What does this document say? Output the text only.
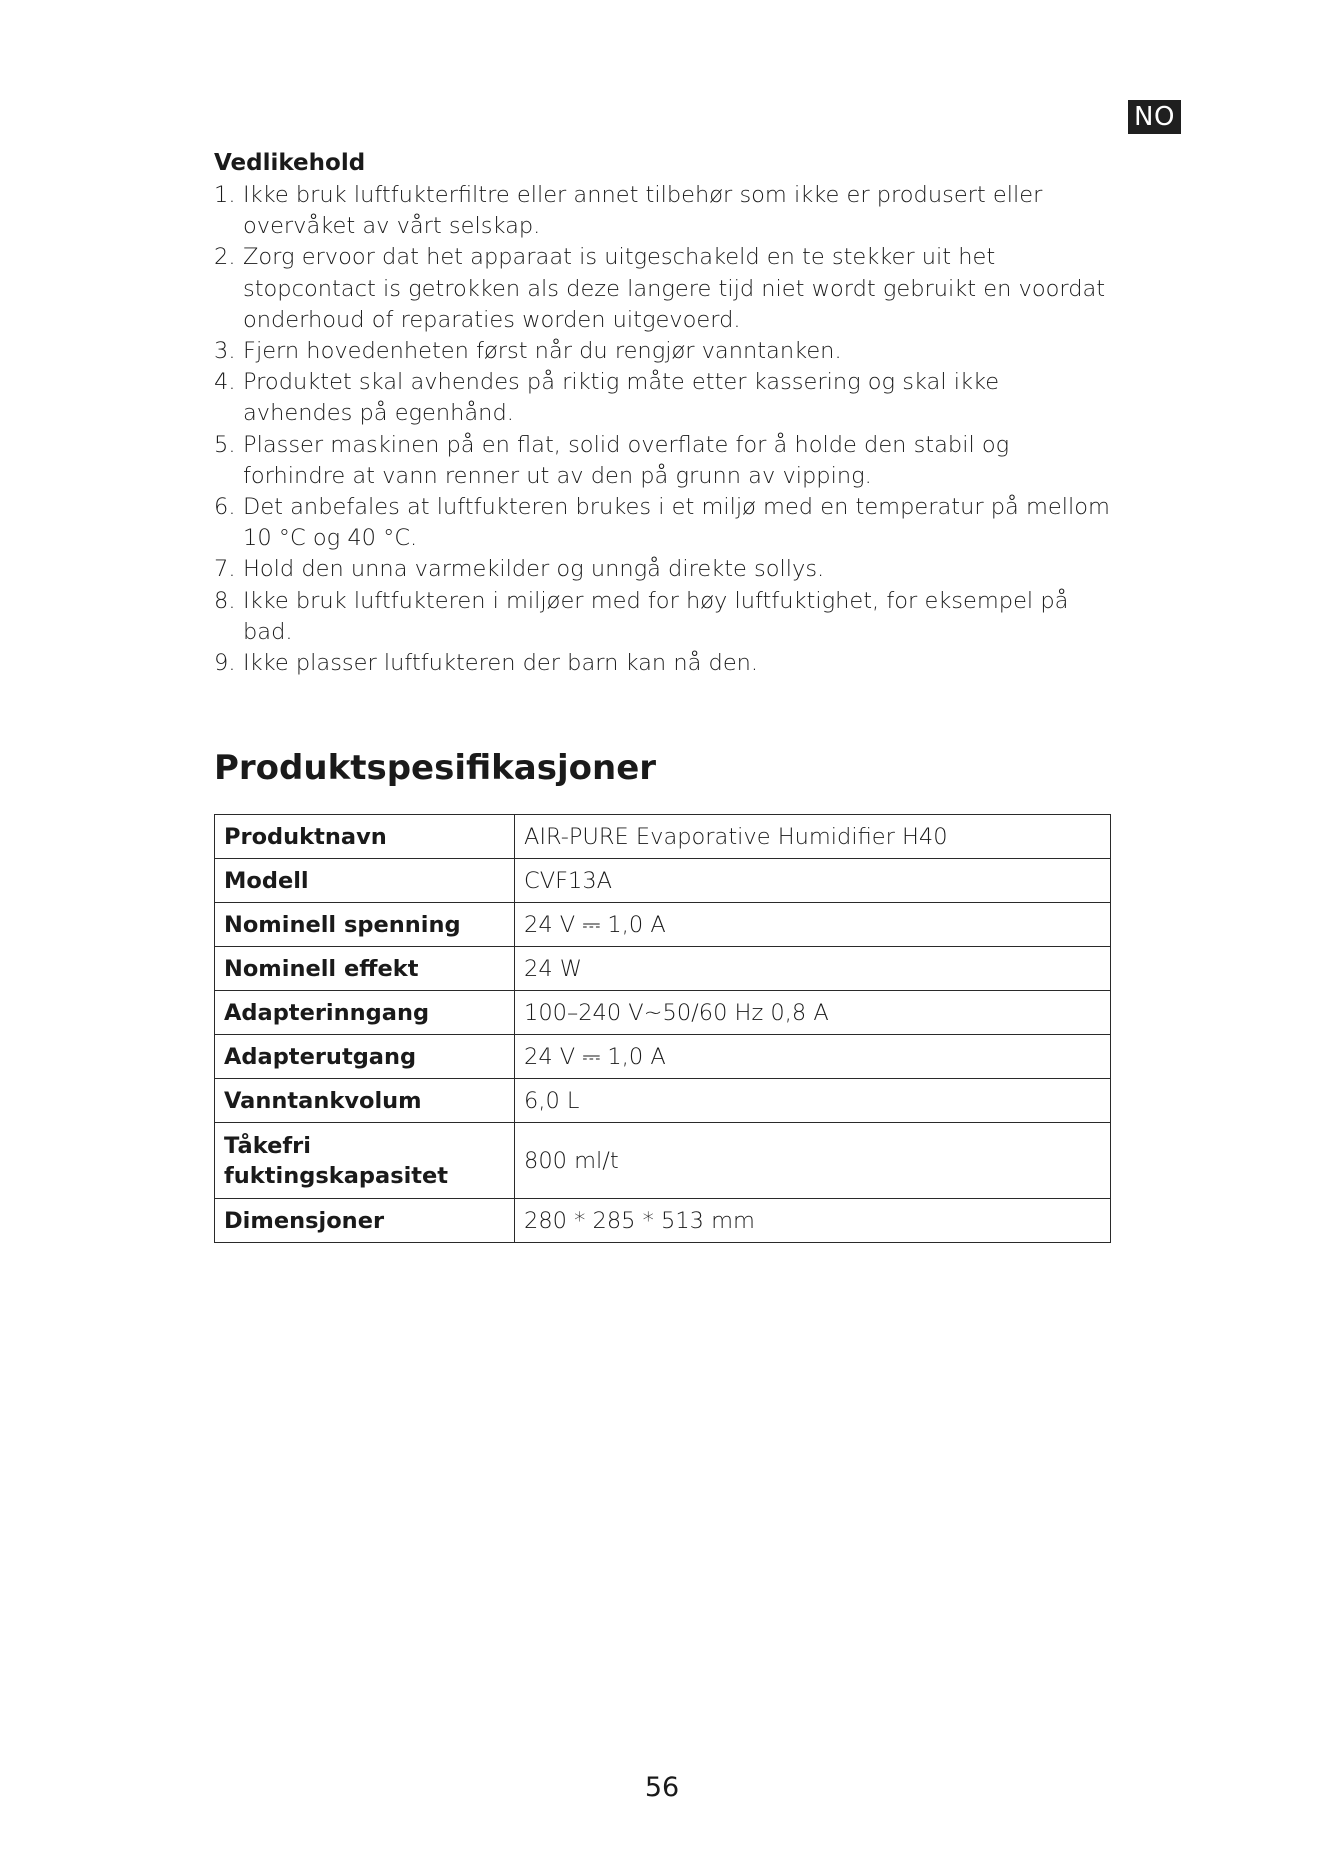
NO
Vedlikehold
1. Ikke bruk luftfukterfiltre eller annet tilbehør som ikke er produsert eller overvåket av vårt selskap.
2. Zorg ervoor dat het apparaat is uitgeschakeld en te stekker uit het stopcontact is getrokken als deze langere tijd niet wordt gebruikt en voordat onderhoud of reparaties worden uitgevoerd.
3. Fjern hovedenheten først når du rengjør vanntanken.
4. Produktet skal avhendes på riktig måte etter kassering og skal ikke avhendes på egenhånd.
5. Plasser maskinen på en flat, solid overflate for å holde den stabil og forhindre at vann renner ut av den på grunn av vipping.
6. Det anbefales at luftfukteren brukes i et miljø med en temperatur på mellom 10 °C og 40 °C.
7. Hold den unna varmekilder og unngå direkte sollys.
8. Ikke bruk luftfukteren i miljøer med for høy luftfuktighet, for eksempel på bad.
9. Ikke plasser luftfukteren der barn kan nå den.
Produktspesifikasjoner
Produktnavn	AIR-PURE Evaporative Humidifier H40
Modell	CVF13A
Nominell spenning	24 V ⎓ 1,0 A
Nominell effekt	24 W
Adapterinngang	100–240 V~50/60 Hz 0,8 A
Adapterutgang	24 V ⎓ 1,0 A
Vanntankvolum	6,0 L
Tåkefri fuktingskapasitet	800 ml/t
Dimensjoner	280 * 285 * 513 mm
56
